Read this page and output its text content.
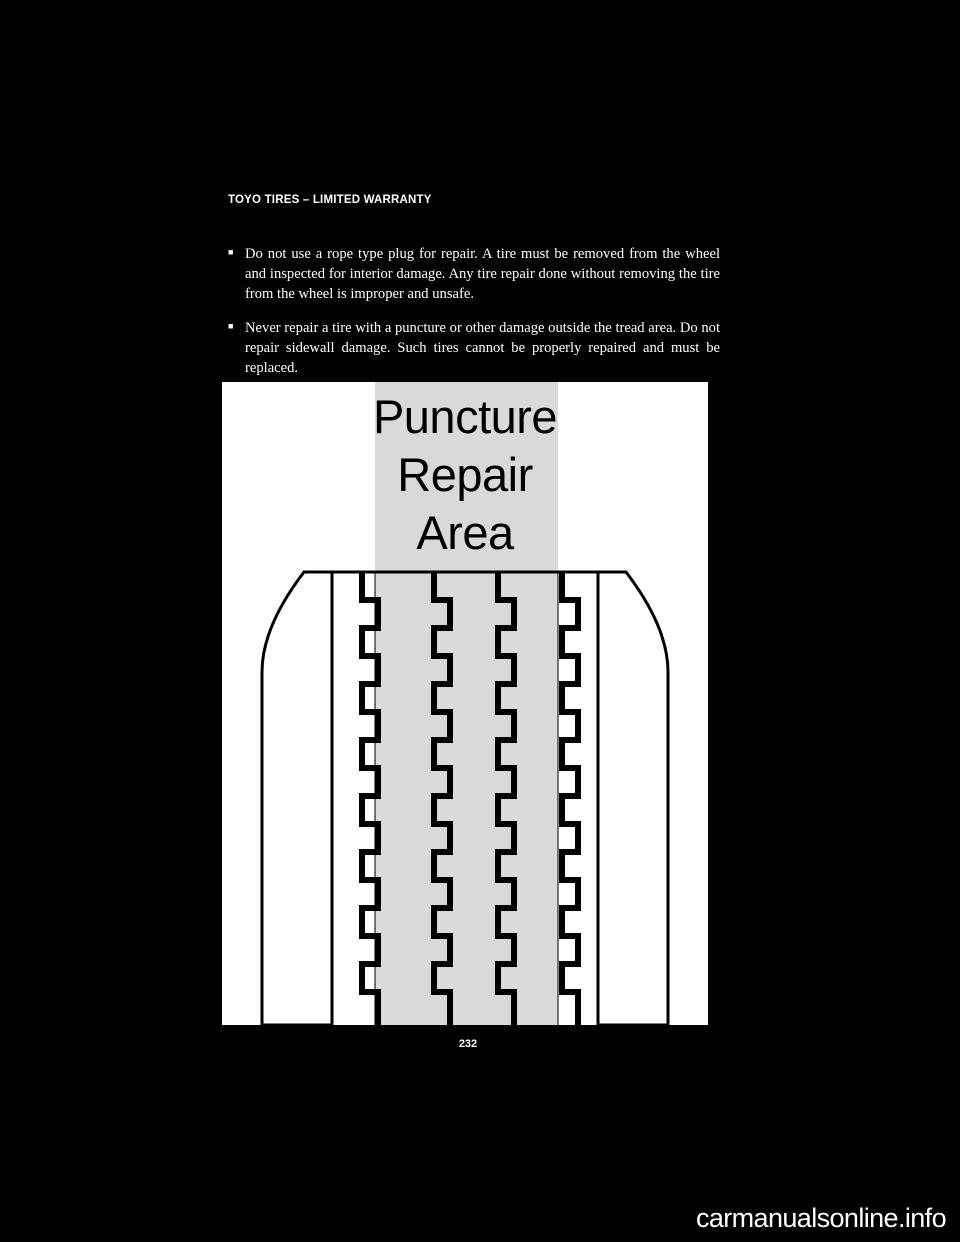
TOYO TIRES – LIMITED WARRANTY
■ Do not use a rope type plug for repair. A tire must be removed from the wheel and inspected for interior damage. Any tire repair done without removing the tire from the wheel is improper and unsafe.
■ Never repair a tire with a puncture or other damage outside the tread area. Do not repair sidewall damage. Such tires cannot be properly repaired and must be replaced.
Puncture
Repair
Area
232
carmanualsonline.info
